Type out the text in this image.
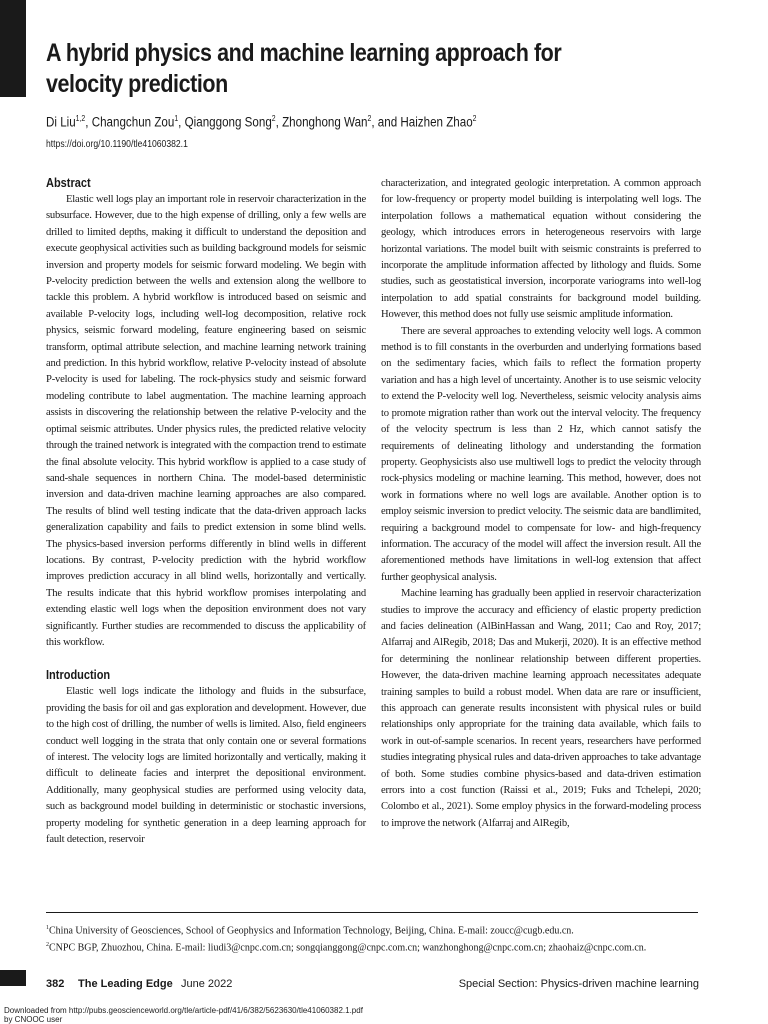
A hybrid physics and machine learning approach for velocity prediction
Di Liu$^{1,2}$, Changchun Zou$^1$, Qianggong Song$^2$, Zhonghong Wan$^2$, and Haizhen Zhao$^2$
https://doi.org/10.1190/tle41060382.1
Abstract

Elastic well logs play an important role in reservoir characterization in the subsurface. However, due to the high expense of drilling, only a few wells are drilled to limited depths, making it difficult to understand the deposition and execute geophysical activities such as building background models for seismic inversion and property models for seismic forward modeling. We begin with P-velocity prediction between the wells and extension along the wellbore to tackle this problem. A hybrid workflow is introduced based on seismic and available P-velocity logs, including well-log decomposition, relative rock physics, seismic forward modeling, feature engineering based on seismic transform, optimal attribute selection, and machine learning network training and prediction. In this hybrid workflow, relative P-velocity instead of absolute P-velocity is used for labeling. The rock-physics study and seismic forward modeling contribute to label augmentation. The machine learning approach assists in discovering the relationship between the relative P-velocity and the optimal seismic attributes. Under physics rules, the predicted relative velocity through the trained network is integrated with the compaction trend to estimate the final absolute velocity. This hybrid workflow is applied to a case study of sand-shale sequences in northern China. The model-based deterministic inversion and data-driven machine learning approaches are also compared. The results of blind well testing indicate that the data-driven approach lacks generalization capability and fails to predict extension in some blind wells. The physics-based inversion performs differently in blind wells in different locations. By contrast, P-velocity prediction with the hybrid workflow improves prediction accuracy in all blind wells, horizontally and vertically. The results indicate that this hybrid workflow promises interpolating and extending elastic well logs when the deposition environment does not vary significantly. Further studies are recommended to discuss the applicability of this workflow.

Introduction

Elastic well logs indicate the lithology and fluids in the subsurface, providing the basis for oil and gas exploration and development. However, due to the high cost of drilling, the number of wells is limited. Also, field engineers conduct well logging in the strata that only contain one or several formations of interest. The velocity logs are limited horizontally and vertically, making it difficult to delineate facies and interpret the depositional environment. Additionally, many geophysical studies are performed using velocity data, such as background model building in deterministic or stochastic inversions, property modeling for synthetic generation in a deep learning approach for fault detection, reservoir

characterization, and integrated geologic interpretation. A common approach for low-frequency or property model building is interpolating well logs. The interpolation follows a mathematical equation without considering the geology, which introduces errors in heterogeneous reservoirs with large horizontal variations. The model built with seismic constraints is preferred to incorporate the amplitude information affected by lithology and fluids. Some studies, such as geostatistical inversion, incorporate variograms into well-log interpolation to add spatial constraints for background model building. However, this method does not fully use seismic amplitude information.

There are several approaches to extending velocity well logs. A common method is to fill constants in the overburden and underlying formations based on the sedimentary facies, which fails to reflect the formation property variation and has a high level of uncertainty. Another is to use seismic velocity to extend the P-velocity well log. Nevertheless, seismic velocity analysis aims to promote migration rather than work out the interval velocity. The frequency of the velocity spectrum is less than 2 Hz, which cannot satisfy the requirements of delineating lithology and understanding the formation property. Geophysicists also use multiwell logs to predict the velocity through rock-physics modeling or machine learning. This method, however, does not work in formations where no well logs are available. Another option is to employ seismic inversion to predict velocity. The seismic data are bandlimited, requiring a background model to compensate for low- and high-frequency information. The accuracy of the model will affect the inversion result. All the aforementioned methods have limitations in well-log extension that affect further geophysical analysis.

Machine learning has gradually been applied in reservoir characterization studies to improve the accuracy and efficiency of elastic property prediction and facies delineation (AlBinHassan and Wang, 2011; Cao and Roy, 2017; Alfarraj and AlRegib, 2018; Das and Mukerji, 2020). It is an effective method for determining the nonlinear relationship between different properties. However, the data-driven machine learning approach necessitates adequate training samples to build a robust model. When data are rare or insufficient, this approach can generate results inconsistent with physical rules or build relationships only appropriate for the training data available, which fails to work in out-of-sample scenarios. In recent years, researchers have performed studies integrating physical rules and data-driven approaches to take advantage of both. Some studies combine physics-based and data-driven estimation errors into a cost function (Raissi et al., 2019; Fuks and Tchelepi, 2020; Colombo et al., 2021). Some employ physics in the forward-modeling process to improve the network (Alfarraj and AlRegib,

$^1$China University of Geosciences, School of Geophysics and Information Technology, Beijing, China. E-mail: zoucc@cugb.edu.cn.
$^2$CNPC BGP, Zhuozhou, China. E-mail: liudi3@cnpc.com.cn; songqianggong@cnpc.com.cn; wanzhonghong@cnpc.com.cn; zhaohaiz@cnpc.com.cn.
382 The Leading Edge June 2022	Special Section: Physics-driven machine learning
Downloaded from http://pubs.geoscienceworld.org/tle/article-pdf/41/6/382/5623630/tle41060382.1.pdf
by CNOOC user
